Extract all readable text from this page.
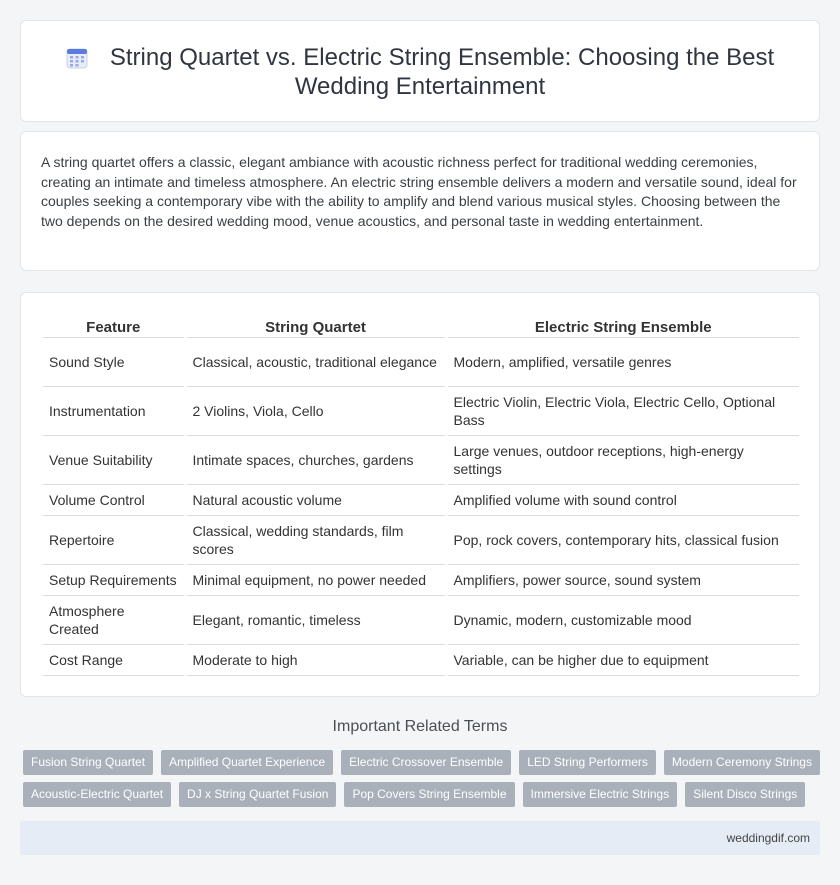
String Quartet vs. Electric String Ensemble: Choosing the Best Wedding Entertainment

A string quartet offers a classic, elegant ambiance with acoustic richness perfect for traditional wedding ceremonies, creating an intimate and timeless atmosphere. An electric string ensemble delivers a modern and versatile sound, ideal for couples seeking a contemporary vibe with the ability to amplify and blend various musical styles. Choosing between the two depends on the desired wedding mood, venue acoustics, and personal taste in wedding entertainment.

Feature	String Quartet	Electric String Ensemble
Sound Style	Classical, acoustic, traditional elegance	Modern, amplified, versatile genres
Instrumentation	2 Violins, Viola, Cello	Electric Violin, Electric Viola, Electric Cello, Optional Bass
Venue Suitability	Intimate spaces, churches, gardens	Large venues, outdoor receptions, high-energy settings
Volume Control	Natural acoustic volume	Amplified volume with sound control
Repertoire	Classical, wedding standards, film scores	Pop, rock covers, contemporary hits, classical fusion
Setup Requirements	Minimal equipment, no power needed	Amplifiers, power source, sound system
Atmosphere Created	Elegant, romantic, timeless	Dynamic, modern, customizable mood
Cost Range	Moderate to high	Variable, can be higher due to equipment
Important Related Terms
Fusion String Quartet	Amplified Quartet Experience	Electric Crossover Ensemble	LED String Performers	Modern Ceremony Strings
Acoustic-Electric Quartet	DJ x String Quartet Fusion	Pop Covers String Ensemble	Immersive Electric Strings	Silent Disco Strings
weddingdif.com
